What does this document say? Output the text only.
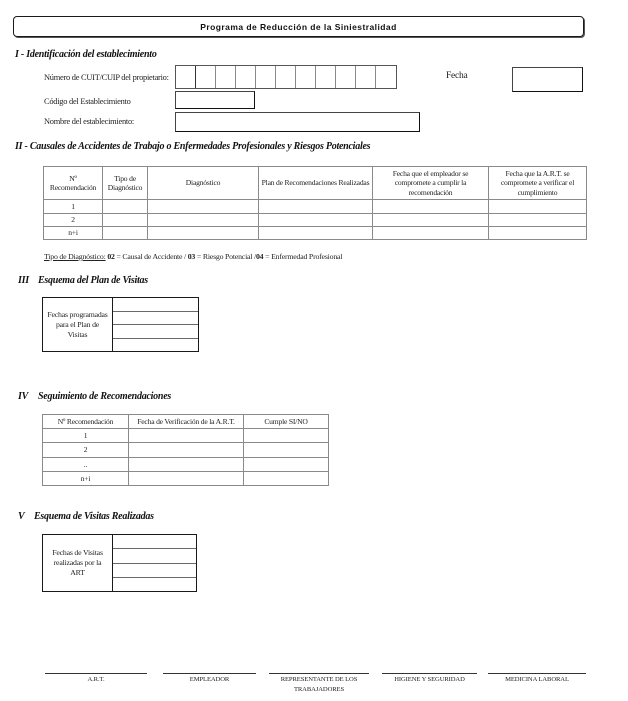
Programa de Reducción de la Siniestralidad
I - Identificación del establecimiento
Número de CUIT/CUIP del propietario:	Fecha
Código del Establecimiento
Nombre del establecimiento:
II - Causales de Accidentes de Trabajo o Enfermedades Profesionales y Riesgos Potenciales
Nº Recomendación	Tipo de Diagnóstico	Diagnóstico	Plan de Recomendaciones Realizadas	Fecha que el empleador se compromete a cumplir la recomendación	Fecha que la A.R.T. se compromete a verificar el cumplimiento
1					
2					
n+i					
Tipo de Diagnóstico: 02 = Causal de Accidente / 03 = Riesgo Potencial /04 = Enfermedad Profesional
III Esquema del Plan de Visitas
Fechas programadas para el Plan de Visitas
IV Seguimiento de Recomendaciones
Nº Recomendación	Fecha de Verificación de la A.R.T.	Cumple SI/NO
1		
2		
..		
n+i		
V Esquema de Visitas Realizadas
Fechas de Visitas realizadas por la ART
A.R.T.	EMPLEADOR	REPRESENTANTE DE LOS TRABAJADORES
HIGIENE Y SEGURIDAD	MEDICINA LABORAL
